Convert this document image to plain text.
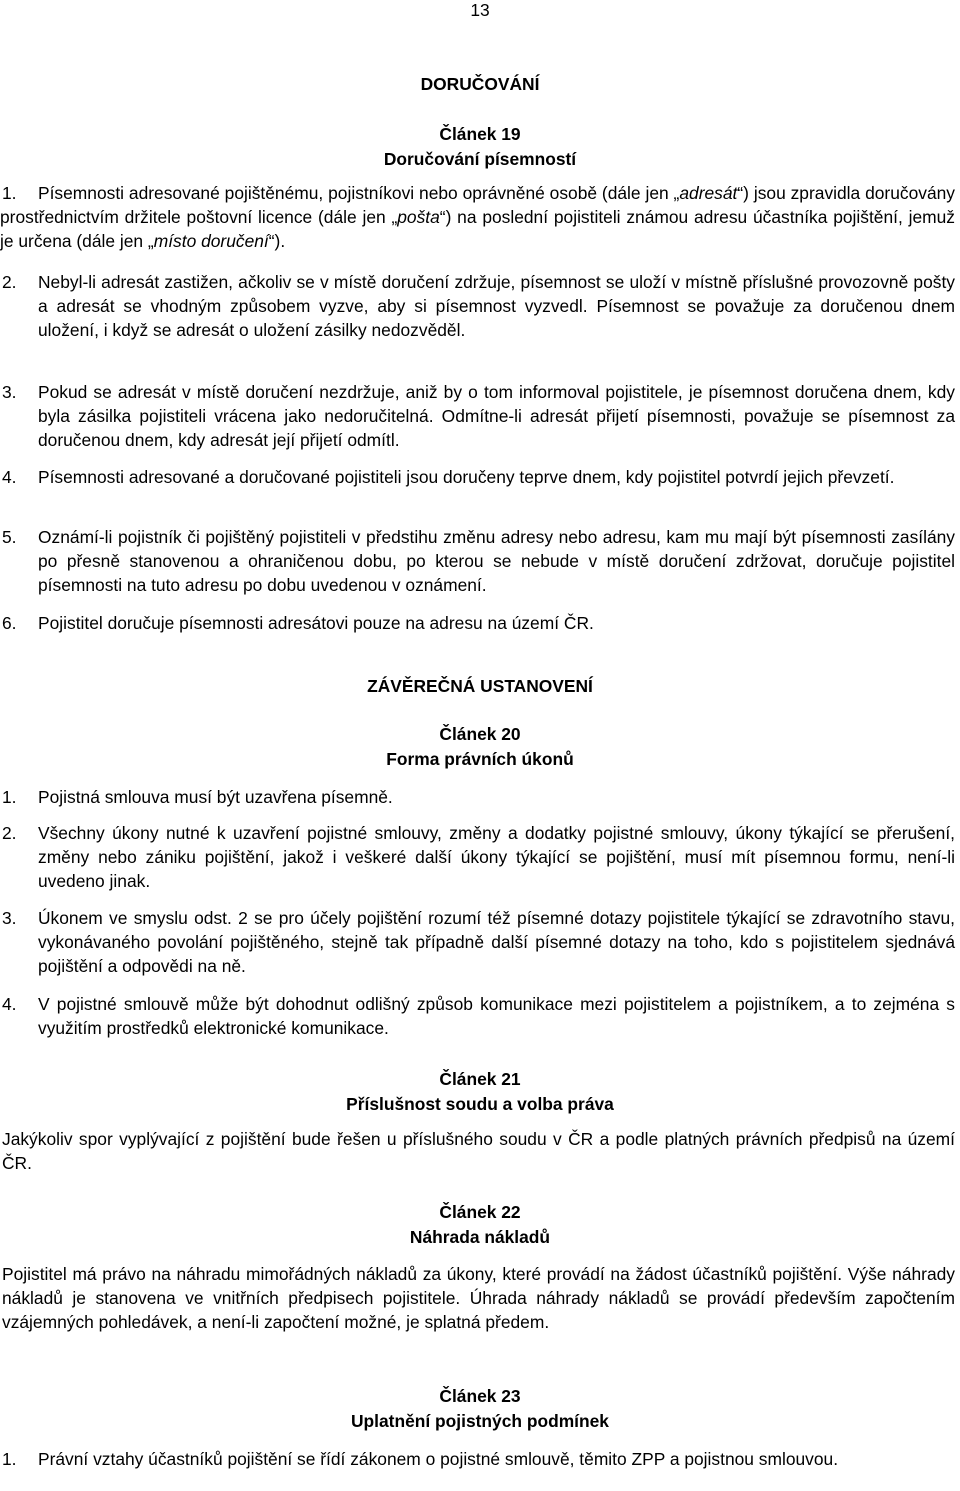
13
DORUČOVÁNÍ
Článek 19
Doručování písemností
1.	Písemnosti adresované pojištěnému, pojistníkovi nebo oprávněné osobě (dále jen „adresát“) jsou zpravidla doručovány prostřednictvím držitele poštovní licence (dále jen „pošta“) na poslední pojistiteli známou adresu účastníka pojištění, jemuž je určena (dále jen „místo doručení“).
2. Nebyl-li adresát zastižen, ačkoliv se v místě doručení zdržuje, písemnost se uloží v místně příslušné provozovně pošty a adresát se vhodným způsobem vyzve, aby si písemnost vyzvedl. Písemnost se považuje za doručenou dnem uložení, i když se adresát o uložení zásilky nedozvěděl.
3. Pokud se adresát v místě doručení nezdržuje, aniž by o tom informoval pojistitele, je písemnost doručena dnem, kdy byla zásilka pojistiteli vrácena jako nedoručitelná. Odmítne-li adresát přijetí písemnosti, považuje se písemnost za doručenou dnem, kdy adresát její přijetí odmítl.
4. Písemnosti adresované a doručované pojistiteli jsou doručeny teprve dnem, kdy pojistitel potvrdí jejich převzetí.
5. Oznámí-li pojistník či pojištěný pojistiteli v předstihu změnu adresy nebo adresu, kam mu mají být písemnosti zasílány po přesně stanovenou a ohraničenou dobu, po kterou se nebude v místě doručení zdržovat, doručuje pojistitel písemnosti na tuto adresu po dobu uvedenou v oznámení.
6. Pojistitel doručuje písemnosti adresátovi pouze na adresu na území ČR.
ZÁVĚREČNÁ USTANOVENÍ
Článek 20
Forma právních úkonů
1. Pojistná smlouva musí být uzavřena písemně.
2. Všechny úkony nutné k uzavření pojistné smlouvy, změny a dodatky pojistné smlouvy, úkony týkající se přerušení, změny nebo zániku pojištění, jakož i veškeré další úkony týkající se pojištění, musí mít písemnou formu, není-li uvedeno jinak.
3. Úkonem ve smyslu odst. 2 se pro účely pojištění rozumí též písemné dotazy pojistitele týkající se zdravotního stavu, vykonávaného povolání pojištěného, stejně tak případně další písemné dotazy na toho, kdo s pojistitelem sjednává pojištění a odpovědi na ně.
4. V pojistné smlouvě může být dohodnut odlišný způsob komunikace mezi pojistitelem a pojistníkem, a to zejména s využitím prostředků elektronické komunikace.
Článek 21
Příslušnost soudu a volba práva
Jakýkoliv spor vyplývající z pojištění bude řešen u příslušného soudu v ČR a podle platných právních předpisů na území ČR.
Článek 22
Náhrada nákladů
Pojistitel má právo na náhradu mimořádných nákladů za úkony, které provádí na žádost účastníků pojištění. Výše náhrady nákladů je stanovena ve vnitřních předpisech pojistitele. Úhrada náhrady nákladů se provádí především započtením vzájemných pohledávek, a není-li započtení možné, je splatná předem.
Článek 23
Uplatnění pojistných podmínek
1. Právní vztahy účastníků pojištění se řídí zákonem o pojistné smlouvě, těmito ZPP a pojistnou smlouvou.
